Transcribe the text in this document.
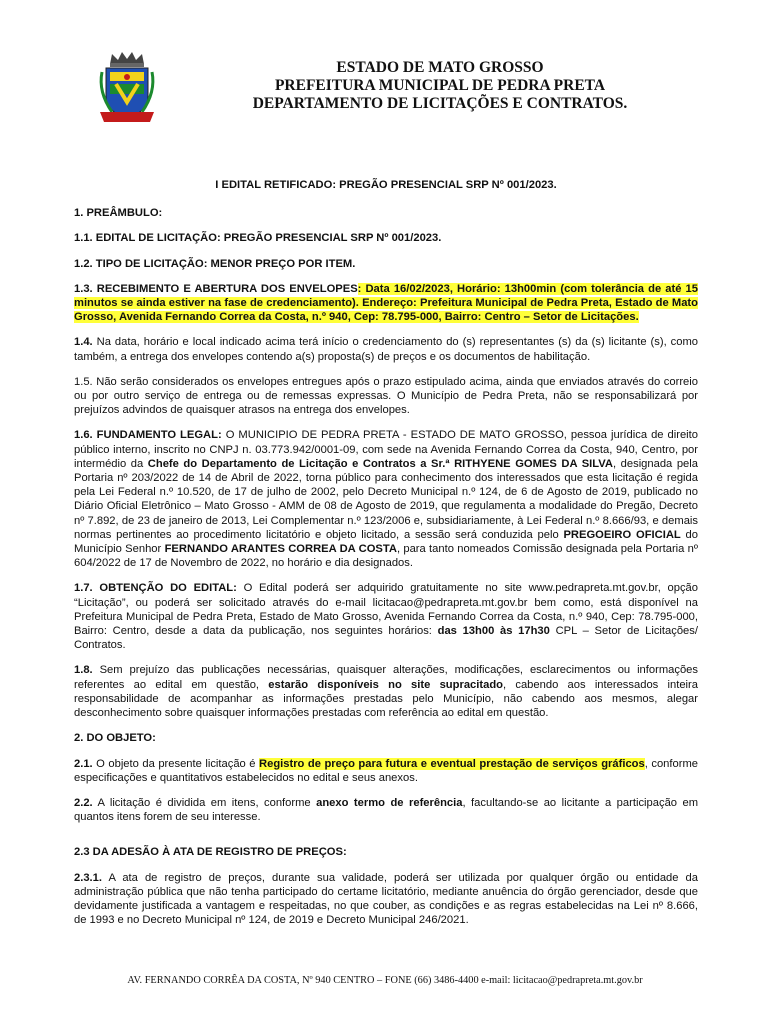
ESTADO DE MATO GROSSO
PREFEITURA MUNICIPAL DE PEDRA PRETA
DEPARTAMENTO DE LICITAÇÕES E CONTRATOS.
I EDITAL RETIFICADO: PREGÃO PRESENCIAL SRP Nº 001/2023.
1. PREÂMBULO:
1.1. EDITAL DE LICITAÇÃO: PREGÃO PRESENCIAL SRP Nº 001/2023.
1.2. TIPO DE LICITAÇÃO: MENOR PREÇO POR ITEM.
1.3. RECEBIMENTO E ABERTURA DOS ENVELOPES: Data 16/02/2023, Horário: 13h00min (com tolerância de até 15 minutos se ainda estiver na fase de credenciamento). Endereço: Prefeitura Municipal de Pedra Preta, Estado de Mato Grosso, Avenida Fernando Correa da Costa, n.º 940, Cep: 78.795-000, Bairro: Centro – Setor de Licitações.
1.4. Na data, horário e local indicado acima terá início o credenciamento do (s) representantes (s) da (s) licitante (s), como também, a entrega dos envelopes contendo a(s) proposta(s) de preços e os documentos de habilitação.
1.5. Não serão considerados os envelopes entregues após o prazo estipulado acima, ainda que enviados através do correio ou por outro serviço de entrega ou de remessas expressas. O Município de Pedra Preta, não se responsabilizará por prejuízos advindos de quaisquer atrasos na entrega dos envelopes.
1.6. FUNDAMENTO LEGAL: O MUNICIPIO DE PEDRA PRETA - ESTADO DE MATO GROSSO, pessoa jurídica de direito público interno, inscrito no CNPJ n. 03.773.942/0001-09, com sede na Avenida Fernando Correa da Costa, 940, Centro, por intermédio da Chefe do Departamento de Licitação e Contratos a Sr.ª RITHYENE GOMES DA SILVA, designada pela Portaria nº 203/2022 de 14 de Abril de 2022, torna público para conhecimento dos interessados que esta licitação é regida pela Lei Federal n.º 10.520, de 17 de julho de 2002, pelo Decreto Municipal n.º 124, de 6 de Agosto de 2019, publicado no Diário Oficial Eletrônico – Mato Grosso - AMM de 08 de Agosto de 2019, que regulamenta a modalidade do Pregão, Decreto nº 7.892, de 23 de janeiro de 2013, Lei Complementar n.º 123/2006 e, subsidiariamente, à Lei Federal n.º 8.666/93, e demais normas pertinentes ao procedimento licitatório e objeto licitado, a sessão será conduzida pelo PREGOEIRO OFICIAL do Município Senhor FERNANDO ARANTES CORREA DA COSTA, para tanto nomeados Comissão designada pela Portaria nº 604/2022 de 17 de Novembro de 2022, no horário e dia designados.
1.7. OBTENÇÃO DO EDITAL: O Edital poderá ser adquirido gratuitamente no site www.pedrapreta.mt.gov.br, opção “Licitação”, ou poderá ser solicitado através do e-mail licitacao@pedrapreta.mt.gov.br bem como, está disponível na Prefeitura Municipal de Pedra Preta, Estado de Mato Grosso, Avenida Fernando Correa da Costa, n.º 940, Cep: 78.795-000, Bairro: Centro, desde a data da publicação, nos seguintes horários: das 13h00 às 17h30 CPL – Setor de Licitações/ Contratos.
1.8. Sem prejuízo das publicações necessárias, quaisquer alterações, modificações, esclarecimentos ou informações referentes ao edital em questão, estarão disponíveis no site supracitado, cabendo aos interessados inteira responsabilidade de acompanhar as informações prestadas pelo Município, não cabendo aos mesmos, alegar desconhecimento sobre quaisquer informações prestadas com referência ao edital em questão.
2. DO OBJETO:
2.1. O objeto da presente licitação é Registro de preço para futura e eventual prestação de serviços gráficos, conforme especificações e quantitativos estabelecidos no edital e seus anexos.
2.2. A licitação é dividida em itens, conforme anexo termo de referência, facultando-se ao licitante a participação em quantos itens forem de seu interesse.
2.3 DA ADESÃO À ATA DE REGISTRO DE PREÇOS:
2.3.1. A ata de registro de preços, durante sua validade, poderá ser utilizada por qualquer órgão ou entidade da administração pública que não tenha participado do certame licitatório, mediante anuência do órgão gerenciador, desde que devidamente justificada a vantagem e respeitadas, no que couber, as condições e as regras estabelecidas na Lei nº 8.666, de 1993 e no Decreto Municipal nº 124, de 2019 e Decreto Municipal 246/2021.
AV. FERNANDO CORRÊA DA COSTA, Nº 940 CENTRO – FONE (66) 3486-4400 e-mail: licitacao@pedrapreta.mt.gov.br
